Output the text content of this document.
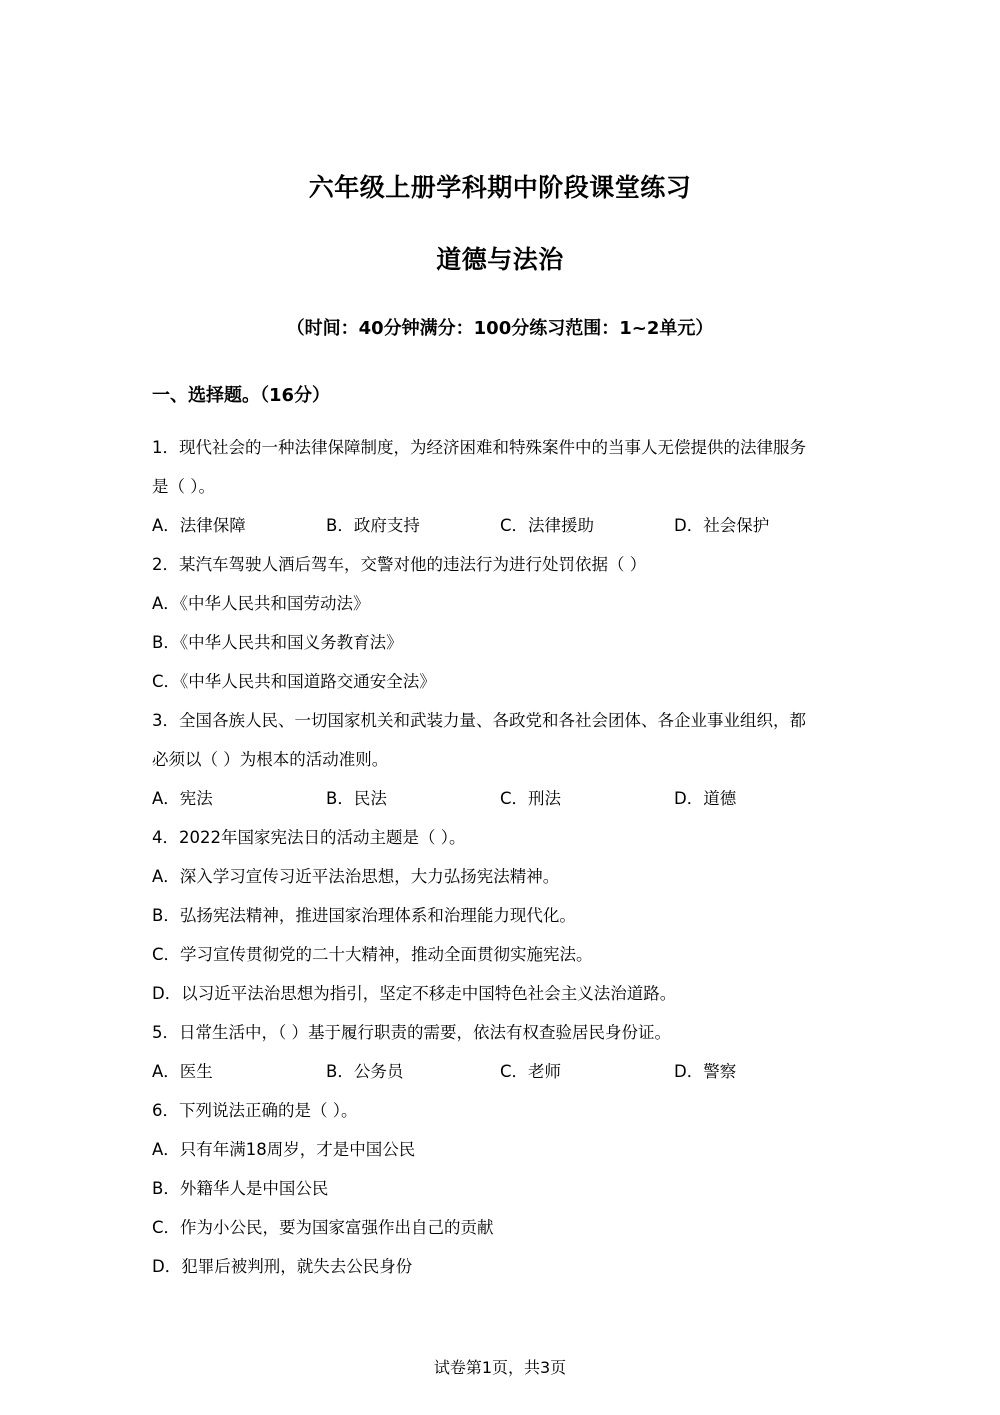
六年级上册学科期中阶段课堂练习
道德与法治
（时间：40分钟满分：100分练习范围：1~2单元）
一、选择题。（16分）
1．现代社会的一种法律保障制度，为经济困难和特殊案件中的当事人无偿提供的法律服务
是（ ）。
A．法律保障	B．政府支持	C．法律援助	D．社会保护
2．某汽车驾驶人酒后驾车，交警对他的违法行为进行处罚依据（ ）
A．《中华人民共和国劳动法》
B．《中华人民共和国义务教育法》
C．《中华人民共和国道路交通安全法》
3．全国各族人民、一切国家机关和武装力量、各政党和各社会团体、各企业事业组织，都
必须以（ ）为根本的活动准则。
A．宪法	B．民法	C．刑法	D．道德
4．2022年国家宪法日的活动主题是（ ）。
A．深入学习宣传习近平法治思想，大力弘扬宪法精神。
B．弘扬宪法精神，推进国家治理体系和治理能力现代化。
C．学习宣传贯彻党的二十大精神，推动全面贯彻实施宪法。
D．以习近平法治思想为指引，坚定不移走中国特色社会主义法治道路。
5．日常生活中，（ ）基于履行职责的需要，依法有权查验居民身份证。
A．医生	B．公务员	C．老师	D．警察
6．下列说法正确的是（ ）。
A．只有年满18周岁，才是中国公民
B．外籍华人是中国公民
C．作为小公民，要为国家富强作出自己的贡献
D．犯罪后被判刑，就失去公民身份
试卷第1页，共3页
